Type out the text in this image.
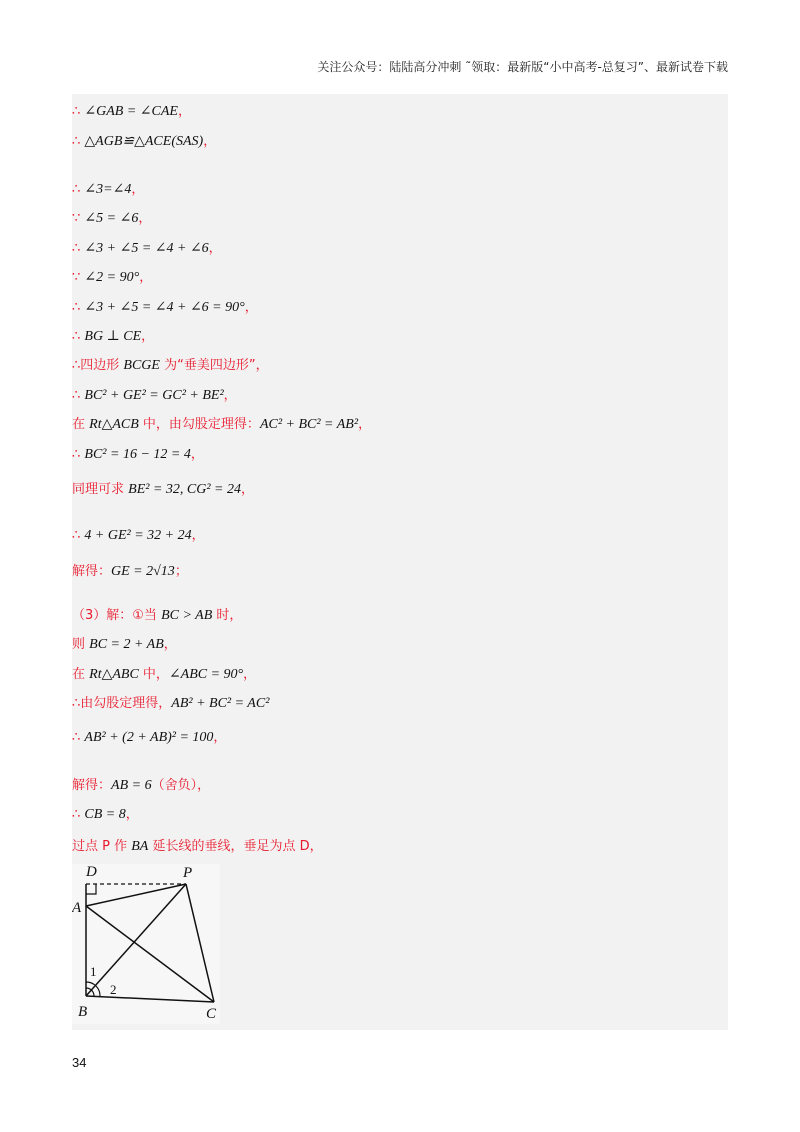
关注公众号：陆陆高分冲刺 ˜领取：最新版“小中高考-总复习”、最新试卷下载
∴ ∠GAB = ∠CAE，
∴ △AGB≌△ACE(SAS)，
∴ ∠3=∠4，
∵ ∠5 = ∠6，
∴ ∠3 + ∠5 = ∠4 + ∠6，
∵ ∠2 = 90°，
∴ ∠3 + ∠5 = ∠4 + ∠6 = 90°，
∴ BG ⊥ CE，
∴四边形 BCGE 为“垂美四边形”，
∴ BC² + GE² = GC² + BE²，
在 Rt△ACB 中，由勾股定理得：AC² + BC² = AB²，
∴ BC² = 16 − 12 = 4，
同理可求 BE² = 32, CG² = 24，
∴ 4 + GE² = 32 + 24，
解得：GE = 2√13；
（3）解：①当 BC > AB 时，
则 BC = 2 + AB，
在 Rt△ABC 中，∠ABC = 90°，
∴由勾股定理得，AB² + BC² = AC²
∴ AB² + (2 + AB)² = 100，
解得：AB = 6（舍负），
∴ CB = 8，
过点 P 作 BA 延长线的垂线，垂足为点 D，
D	P
A
B	C
1
2
34
